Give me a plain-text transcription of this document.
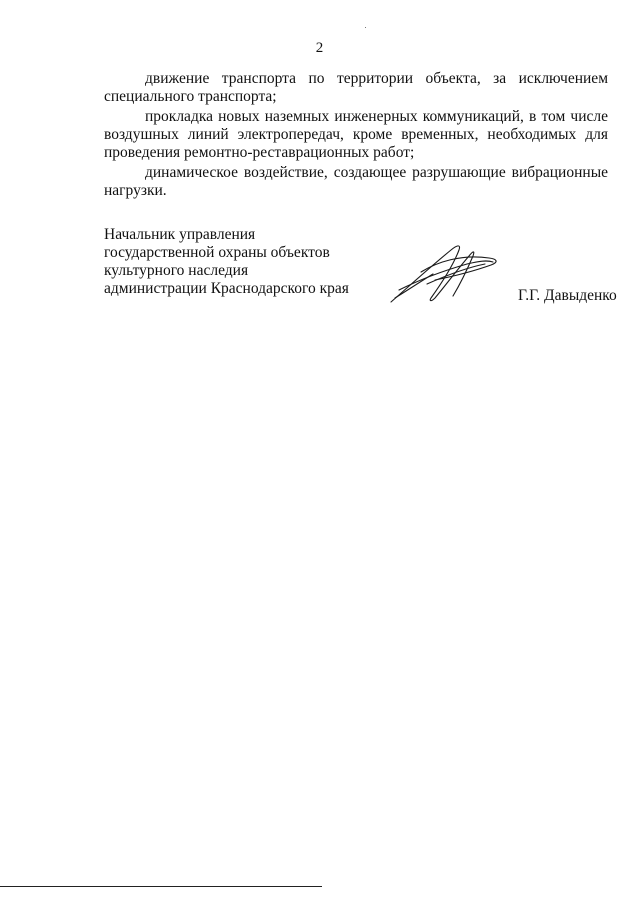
2

движение транспорта по территории объекта, за исключением специального транспорта;

прокладка новых наземных инженерных коммуникаций, в том числе воздушных линий электропередач, кроме временных, необходимых для проведения ремонтно-реставрационных работ;

динамическое воздействие, создающее разрушающие вибрационные нагрузки.

Начальник управления
государственной охраны объектов
культурного наследия
администрации Краснодарского края	Г.Г. Давыденко
